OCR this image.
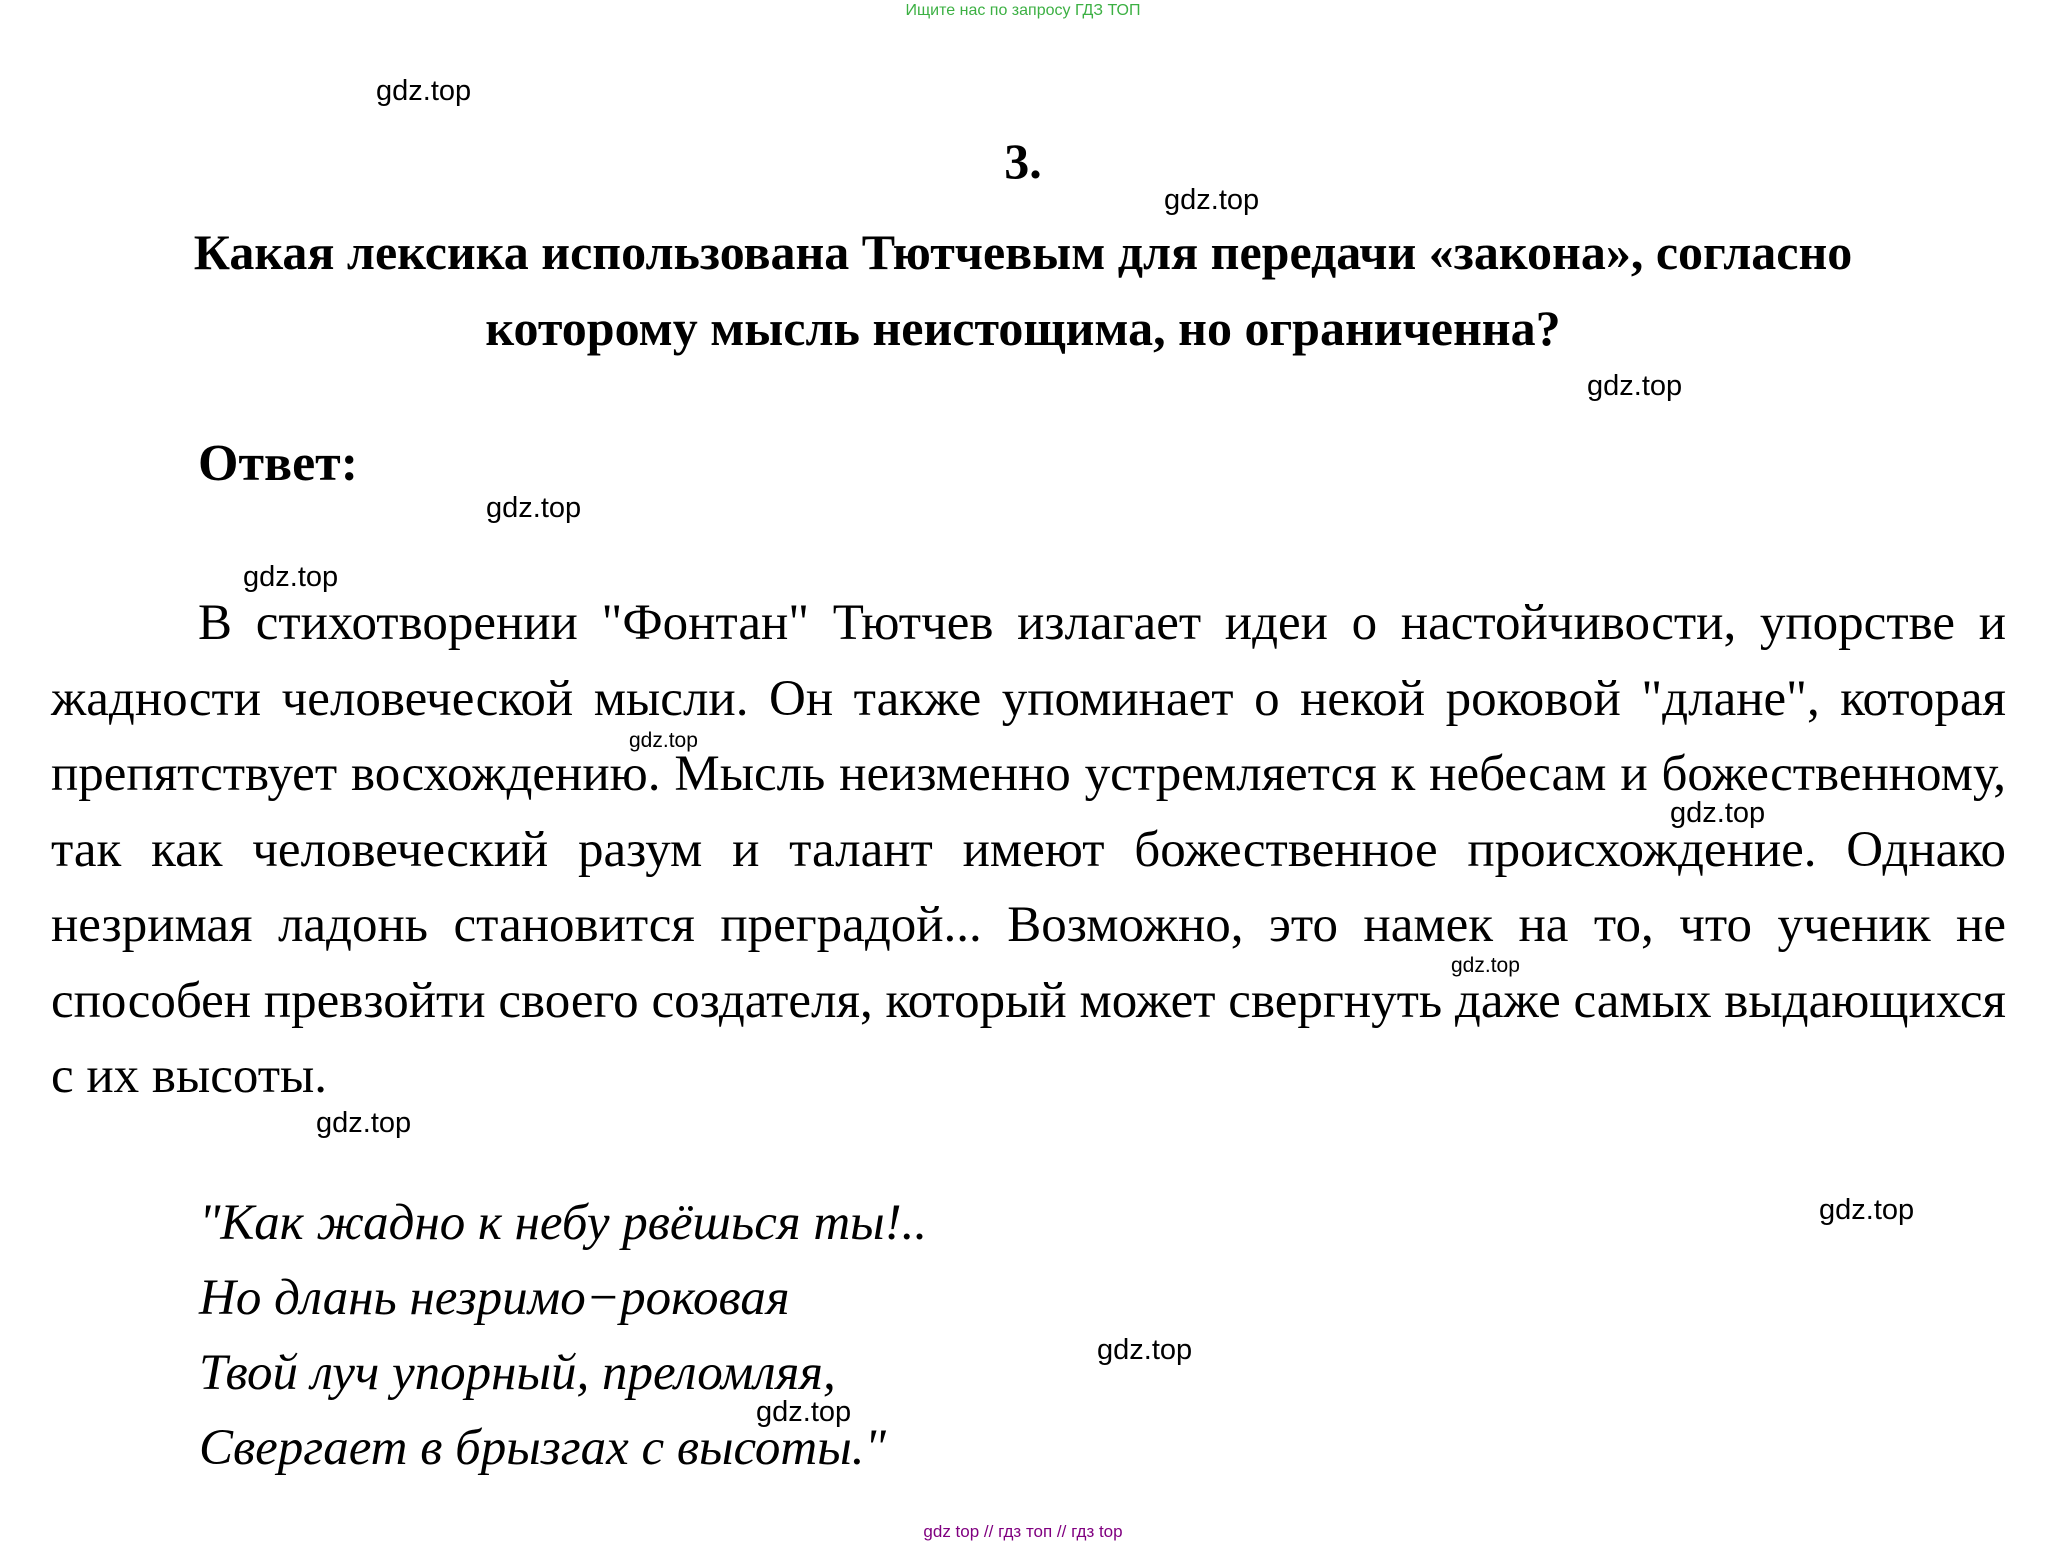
Ищите нас по запросу ГДЗ ТОП
gdz.top
3.
gdz.top
Какая лексика использована Тютчевым для передачи «закона», согласно которому мысль неистощима, но ограниченна?
gdz.top
Ответ:
gdz.top
gdz.top

В стихотворении "Фонтан" Тютчев излагает идеи о настойчивости, упорстве и жадности человеческой мысли. Он также упоминает о некой роковой "длане", которая препятствует восхождению. Мысль неизменно устремляется к небесам и божественному, так как человеческий разум и талант имеют божественное происхождение. Однако незримая ладонь становится преградой... Возможно, это намек на то, что ученик не способен превзойти своего создателя, который может свергнуть даже самых выдающихся с их высоты.

gdz.top
gdz.top
gdz.top
gdz.top
"Как жадно к небу рвёшься ты!..
Но длань незримо−роковая
Твой луч упорный, преломляя,
Свергает в брызгах с высоты."
gdz.top
gdz.top
gdz.top
gdz top // гдз топ // гдз top
